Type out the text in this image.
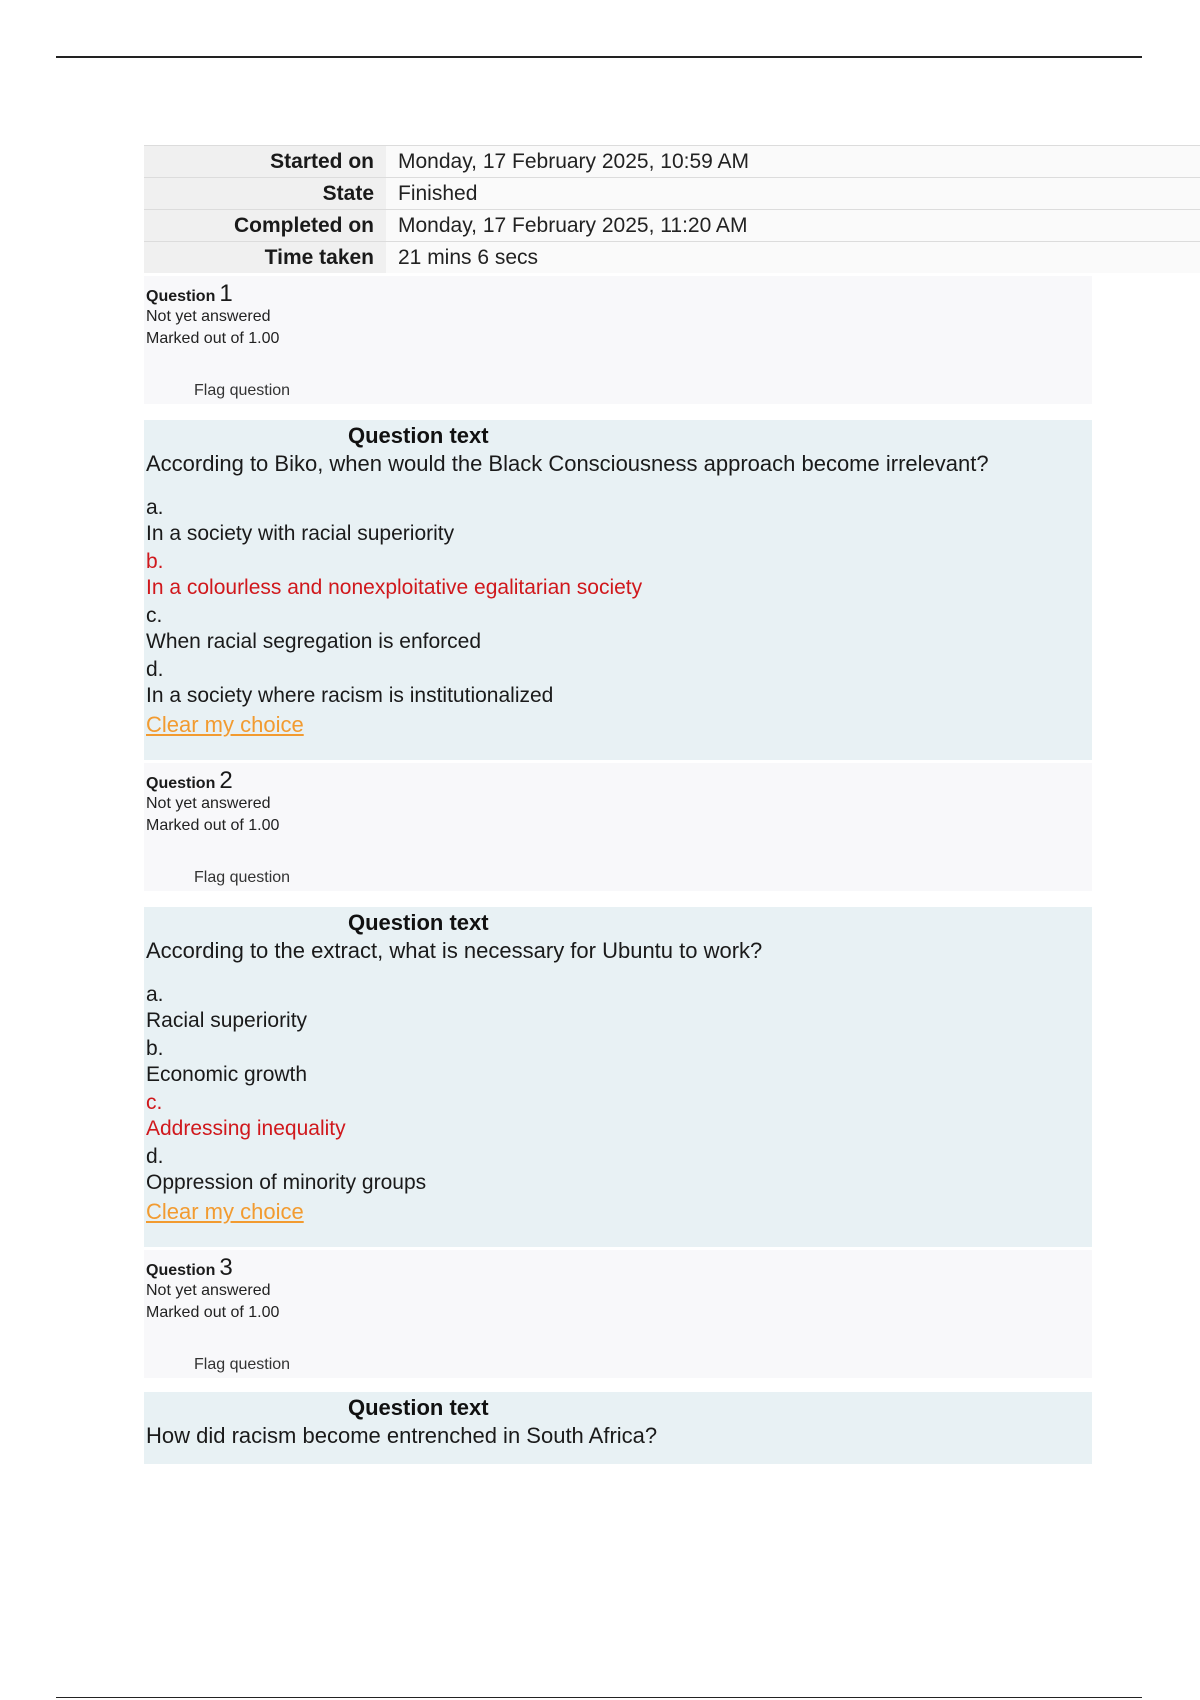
Started on	Monday, 17 February 2025, 10:59 AM
State	Finished
Completed on	Monday, 17 February 2025, 11:20 AM
Time taken	21 mins 6 secs
Question 1
Not yet answered
Marked out of 1.00
Flag question
Question text
According to Biko, when would the Black Consciousness approach become irrelevant?
a.
In a society with racial superiority
b.
In a colourless and nonexploitative egalitarian society
c.
When racial segregation is enforced
d.
In a society where racism is institutionalized
Clear my choice
Question 2
Not yet answered
Marked out of 1.00
Flag question
Question text
According to the extract, what is necessary for Ubuntu to work?
a.
Racial superiority
b.
Economic growth
c.
Addressing inequality
d.
Oppression of minority groups
Clear my choice
Question 3
Not yet answered
Marked out of 1.00
Flag question
Question text
How did racism become entrenched in South Africa?
